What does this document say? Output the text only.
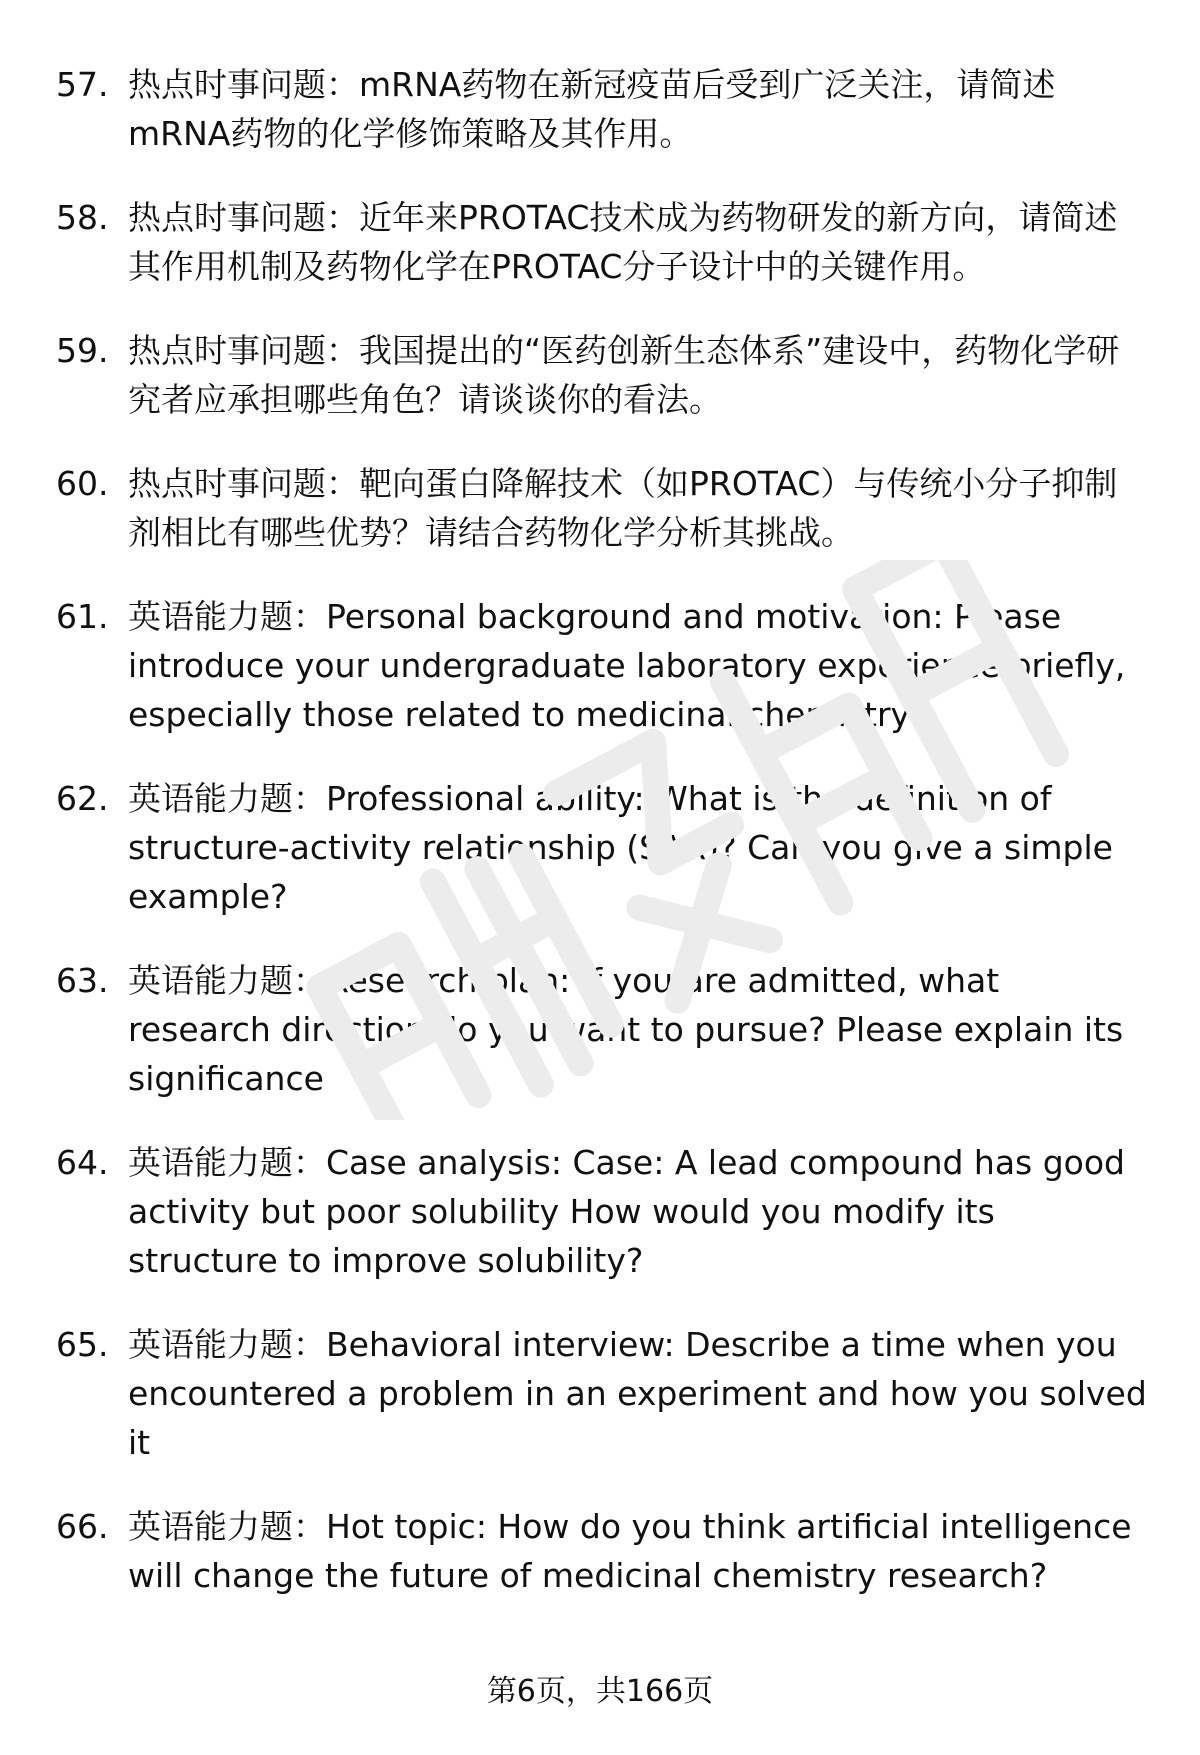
57. 热点时事问题：mRNA药物在新冠疫苗后受到广泛关注，请简述mRNA药物的化学修饰策略及其作用。
58. 热点时事问题：近年来PROTAC技术成为药物研发的新方向，请简述其作用机制及药物化学在PROTAC分子设计中的关键作用。
59. 热点时事问题：我国提出的“医药创新生态体系”建设中，药物化学研究者应承担哪些角色？请谈谈你的看法。
60. 热点时事问题：靶向蛋白降解技术（如PROTAC）与传统小分子抑制剂相比有哪些优势？请结合药物化学分析其挑战。
61. 英语能力题：Personal background and motivation: Please introduce your undergraduate laboratory experience briefly, especially those related to medicinal chemistry
62. 英语能力题：Professional ability: What is the definition of structure-activity relationship (SAR)? Can you give a simple example?
63. 英语能力题：Research plan: If you are admitted, what research direction do you want to pursue? Please explain its significance
64. 英语能力题：Case analysis: Case: A lead compound has good activity but poor solubility How would you modify its structure to improve solubility?
65. 英语能力题：Behavioral interview: Describe a time when you encountered a problem in an experiment and how you solved it
66. 英语能力题：Hot topic: How do you think artificial intelligence will change the future of medicinal chemistry research?
第6页，共166页
